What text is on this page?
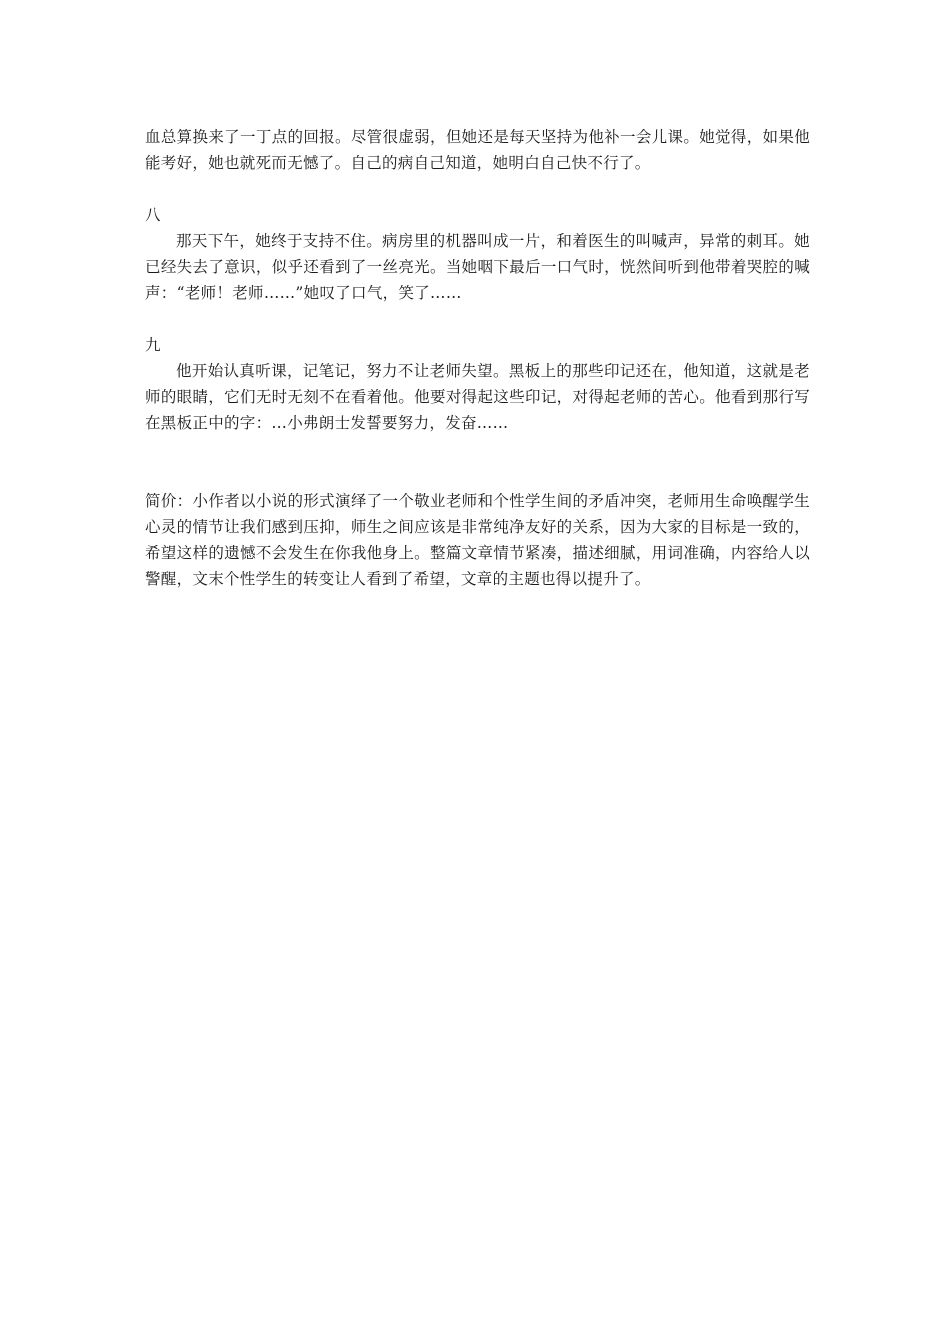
血总算换来了一丁点的回报。尽管很虚弱，但她还是每天坚持为他补一会儿课。她觉得，如果他能考好，她也就死而无憾了。自己的病自己知道，她明白自己快不行了。

八

那天下午，她终于支持不住。病房里的机器叫成一片，和着医生的叫喊声，异常的刺耳。她已经失去了意识，似乎还看到了一丝亮光。当她咽下最后一口气时，恍然间听到他带着哭腔的喊声：“老师！老师……”她叹了口气，笑了……

九

他开始认真听课，记笔记，努力不让老师失望。黑板上的那些印记还在，他知道，这就是老师的眼睛，它们无时无刻不在看着他。他要对得起这些印记，对得起老师的苦心。他看到那行写在黑板正中的字：…小弗朗士发誓要努力，发奋……

简价：小作者以小说的形式演绎了一个敬业老师和个性学生间的矛盾冲突，老师用生命唤醒学生心灵的情节让我们感到压抑，师生之间应该是非常纯净友好的关系，因为大家的目标是一致的，希望这样的遗憾不会发生在你我他身上。整篇文章情节紧凑，描述细腻，用词准确，内容给人以警醒，文末个性学生的转变让人看到了希望，文章的主题也得以提升了。
